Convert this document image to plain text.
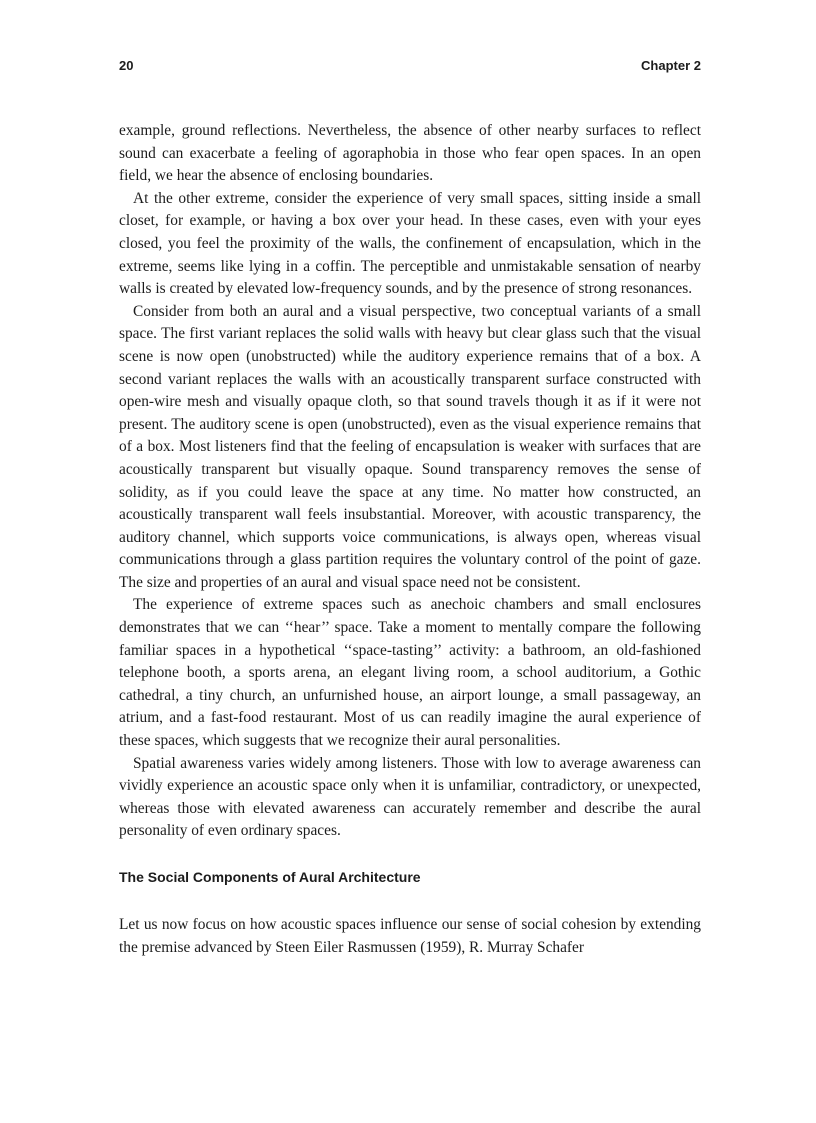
20	Chapter 2

example, ground reflections. Nevertheless, the absence of other nearby surfaces to reflect sound can exacerbate a feeling of agoraphobia in those who fear open spaces. In an open field, we hear the absence of enclosing boundaries.

At the other extreme, consider the experience of very small spaces, sitting inside a small closet, for example, or having a box over your head. In these cases, even with your eyes closed, you feel the proximity of the walls, the confinement of encapsulation, which in the extreme, seems like lying in a coffin. The perceptible and unmistakable sensation of nearby walls is created by elevated low-frequency sounds, and by the presence of strong resonances.

Consider from both an aural and a visual perspective, two conceptual variants of a small space. The first variant replaces the solid walls with heavy but clear glass such that the visual scene is now open (unobstructed) while the auditory experience remains that of a box. A second variant replaces the walls with an acoustically transparent surface constructed with open-wire mesh and visually opaque cloth, so that sound travels though it as if it were not present. The auditory scene is open (unobstructed), even as the visual experience remains that of a box. Most listeners find that the feeling of encapsulation is weaker with surfaces that are acoustically transparent but visually opaque. Sound transparency removes the sense of solidity, as if you could leave the space at any time. No matter how constructed, an acoustically transparent wall feels insubstantial. Moreover, with acoustic transparency, the auditory channel, which supports voice communications, is always open, whereas visual communications through a glass partition requires the voluntary control of the point of gaze. The size and properties of an aural and visual space need not be consistent.

The experience of extreme spaces such as anechoic chambers and small enclosures demonstrates that we can ‘‘hear’’ space. Take a moment to mentally compare the following familiar spaces in a hypothetical ‘‘space-tasting’’ activity: a bathroom, an old-fashioned telephone booth, a sports arena, an elegant living room, a school auditorium, a Gothic cathedral, a tiny church, an unfurnished house, an airport lounge, a small passageway, an atrium, and a fast-food restaurant. Most of us can readily imagine the aural experience of these spaces, which suggests that we recognize their aural personalities.

Spatial awareness varies widely among listeners. Those with low to average awareness can vividly experience an acoustic space only when it is unfamiliar, contradictory, or unexpected, whereas those with elevated awareness can accurately remember and describe the aural personality of even ordinary spaces.

The Social Components of Aural Architecture

Let us now focus on how acoustic spaces influence our sense of social cohesion by extending the premise advanced by Steen Eiler Rasmussen (1959), R. Murray Schafer
